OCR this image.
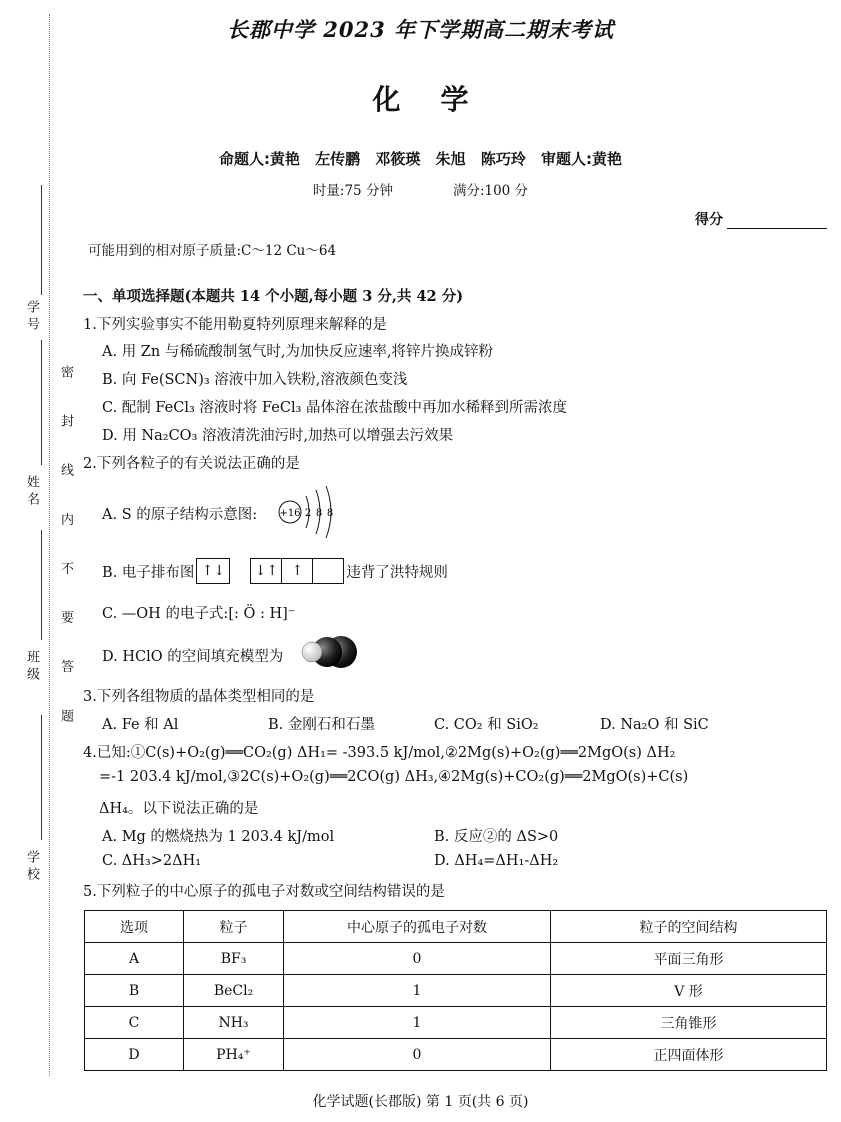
学 号
姓 名
班 级
学 校
密 封 线 内 不 要 答 题
长郡中学 2023 年下学期高二期末考试
化学
命题人:黄艳 左传鹏 邓筱瑛 朱旭 陈巧玲 审题人:黄艳
时量:75 分钟	满分:100 分
得分
可能用到的相对原子质量:C～12 Cu～64
一、单项选择题(本题共 14 个小题,每小题 3 分,共 42 分)
1.下列实验事实不能用勒夏特列原理来解释的是
A. 用 Zn 与稀硫酸制氢气时,为加快反应速率,将锌片换成锌粉
B. 向 Fe(SCN)₃ 溶液中加入铁粉,溶液颜色变浅
C. 配制 FeCl₃ 溶液时将 FeCl₃ 晶体溶在浓盐酸中再加水稀释到所需浓度
D. 用 Na₂CO₃ 溶液清洗油污时,加热可以增强去污效果
2.下列各粒子的有关说法正确的是
A. S 的原子结构示意图: +16 2 8 8
B. 电子排布图 ↑↓	↓↑ ↑	违背了洪特规则
C. —OH 的电子式:[: Ö : H]⁻
D. HClO 的空间填充模型为
3.下列各组物质的晶体类型相同的是
A. Fe 和 Al	B. 金刚石和石墨	C. CO₂ 和 SiO₂	D. Na₂O 和 SiC
4.已知:①C(s)+O₂(g)══CO₂(g) ΔH₁= -393.5 kJ/mol,②2Mg(s)+O₂(g)══2MgO(s) ΔH₂
=-1 203.4 kJ/mol,③2C(s)+O₂(g)══2CO(g) ΔH₃,④2Mg(s)+CO₂(g)══2MgO(s)+C(s)
ΔH₄。以下说法正确的是
A. Mg 的燃烧热为 1 203.4 kJ/mol	B. 反应②的 ΔS>0
C. ΔH₃>2ΔH₁	D. ΔH₄=ΔH₁-ΔH₂
5.下列粒子的中心原子的孤电子对数或空间结构错误的是
选项	粒子	中心原子的孤电子对数	粒子的空间结构
A	BF₃	0	平面三角形
B	BeCl₂	1	V 形
C	NH₃	1	三角锥形
D	PH₄⁺	0	正四面体形
化学试题(长郡版) 第 1 页(共 6 页)
